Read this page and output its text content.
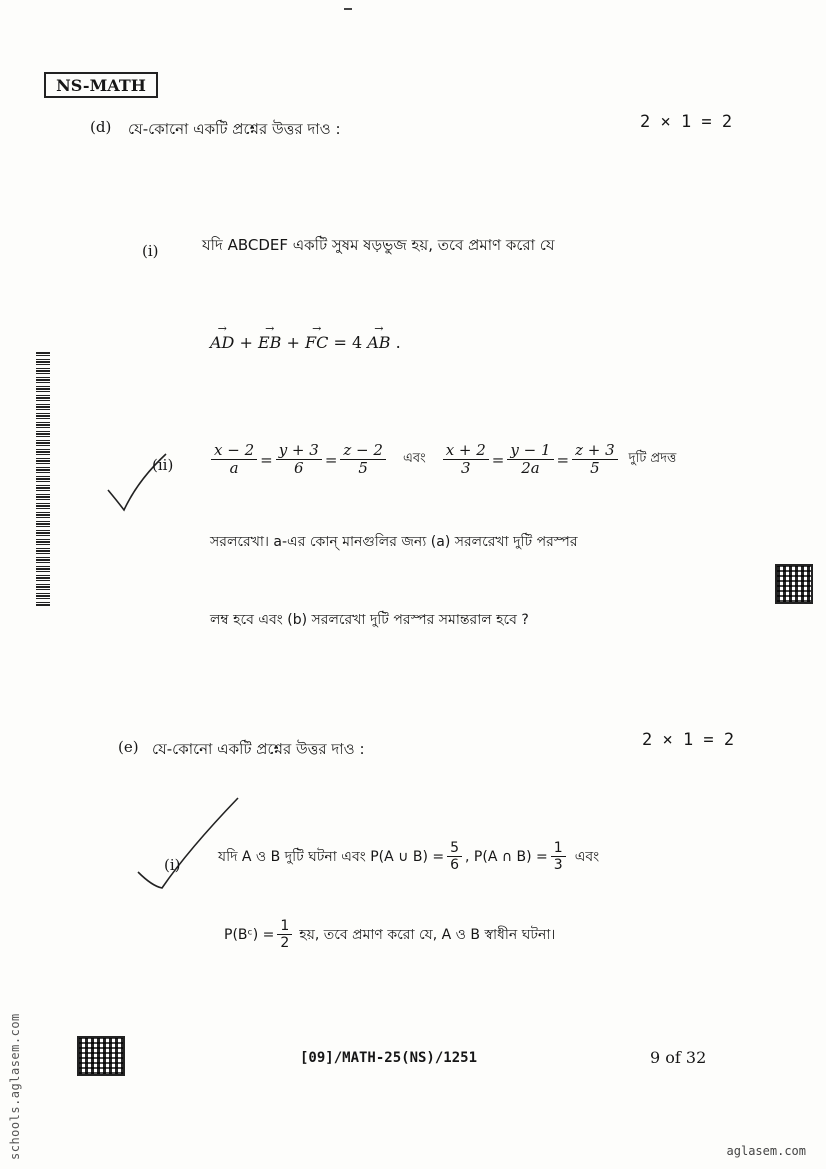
NS-MATH
(d) যে-কোনো একটি প্রশ্নের উত্তর দাও :	2 × 1 = 2
(i)	যদি ABCDEF একটি সুষম ষড়ভুজ হয়, তবে প্রমাণ করো যে
→
AD +
→
EB +
→
FC = 4
→
AB .
(ii)	$\frac{x - 2}{a} = \frac{y + 3}{6} = \frac{z - 2}{5}$ এবং $\frac{x + 2}{3} = \frac{y - 1}{2a} = \frac{z + 3}{5}$ দুটি প্রদত্ত
সরলরেখা। a-এর কোন্ মানগুলির জন্য (a) সরলরেখা দুটি পরস্পর
লম্ব হবে এবং (b) সরলরেখা দুটি পরস্পর সমান্তরাল হবে ?
(e) যে-কোনো একটি প্রশ্নের উত্তর দাও :	2 × 1 = 2
(i)	যদি A ও B দুটি ঘটনা এবং P(A ∪ $B) = \frac{5}{6}$ , P(A ∩ $B) = \frac{1}{3}$ এবং
P(Bᶜ) = $\frac{1}{2}$ হয়, তবে প্রমাণ করো যে, A ও B স্বাধীন ঘটনা।
[09]/MATH-25(NS)/1251	9 of 32
schools.aglasem.com	aglasem.com
